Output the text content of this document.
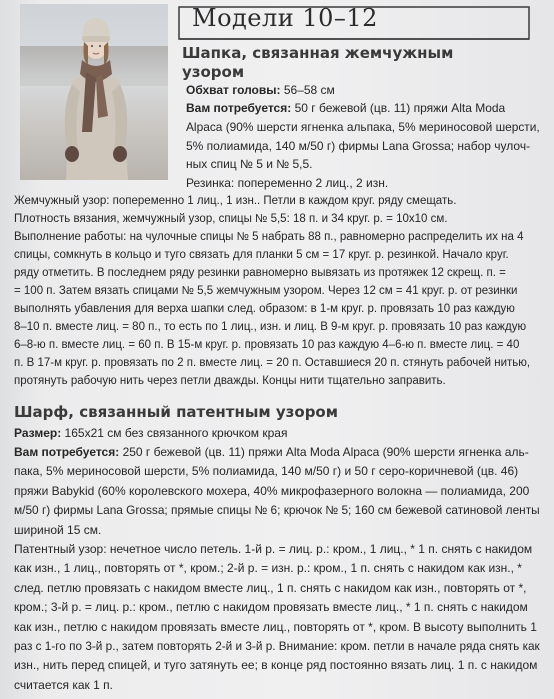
Модели 10–12
Шапка, связанная жемчужным
узором
Обхват головы: 56–58 см
Вам потребуется: 50 г бежевой (цв. 11) пряжи Alta Moda
Alpaca (90% шерсти ягненка альпака, 5% мериносовой шерсти,
5% полиамида, 140 м/50 г) фирмы Lana Grossa; набор чулоч-
ных спиц № 5 и № 5,5.
Резинка: попеременно 2 лиц., 2 изн.
Жемчужный узор: попеременно 1 лиц., 1 изн.. Петли в каждом круг. ряду смещать.
Плотность вязания, жемчужный узор, спицы № 5,5: 18 п. и 34 круг. р. = 10х10 см.
Выполнение работы: на чулочные спицы № 5 набрать 88 п., равномерно распределить их на 4
спицы, сомкнуть в кольцо и туго связать для планки 5 см = 17 круг. р. резинкой. Начало круг.
ряду отметить. В последнем ряду резинки равномерно вывязать из протяжек 12 скрещ. п. =
= 100 п. Затем вязать спицами № 5,5 жемчужным узором. Через 12 см = 41 круг. р. от резинки
выполнять убавления для верха шапки след. образом: в 1-м круг. р. провязать 10 раз каждую
8–10 п. вместе лиц. = 80 п., то есть по 1 лиц., изн. и лиц. В 9-м круг. р. провязать 10 раз каждую
6–8-ю п. вместе лиц. = 60 п. В 15-м круг. р. провязать 10 раз каждую 4–6-ю п. вместе лиц. = 40
п. В 17-м круг. р. провязать по 2 п. вместе лиц. = 20 п. Оставшиеся 20 п. стянуть рабочей нитью,
протянуть рабочую нить через петли дважды. Концы нити тщательно заправить.
Шарф, связанный патентным узором
Размер: 165х21 см без связанного крючком края
Вам потребуется: 250 г бежевой (цв. 11) пряжи Alta Moda Alpaca (90% шерсти ягненка аль-
пака, 5% мериносовой шерсти, 5% полиамида, 140 м/50 г) и 50 г серо-коричневой (цв. 46)
пряжи Babykid (60% королевского мохера, 40% микрофазерного волокна — полиамида, 200
м/50 г) фирмы Lana Grossa; прямые спицы № 6; крючок № 5; 160 см бежевой сатиновой ленты
шириной 15 см.
Патентный узор: нечетное число петель. 1-й р. = лиц. р.: кром., 1 лиц., * 1 п. снять с накидом
как изн., 1 лиц., повторять от *, кром.; 2-й р. = изн. р.: кром., 1 п. снять с накидом как изн., *
след. петлю провязать с накидом вместе лиц., 1 п. снять с накидом как изн., повторять от *,
кром.; 3-й р. = лиц. р.: кром., петлю с накидом провязать вместе лиц., * 1 п. снять с накидом
как изн., петлю с накидом провязать вместе лиц., повторять от *, кром. В высоту выполнить 1
раз с 1-го по 3-й р., затем повторять 2-й и 3-й р. Внимание: кром. петли в начале ряда снять как
изн., нить перед спицей, и туго затянуть ее; в конце ряд постоянно вязать лиц. 1 п. с накидом
считается как 1 п.
